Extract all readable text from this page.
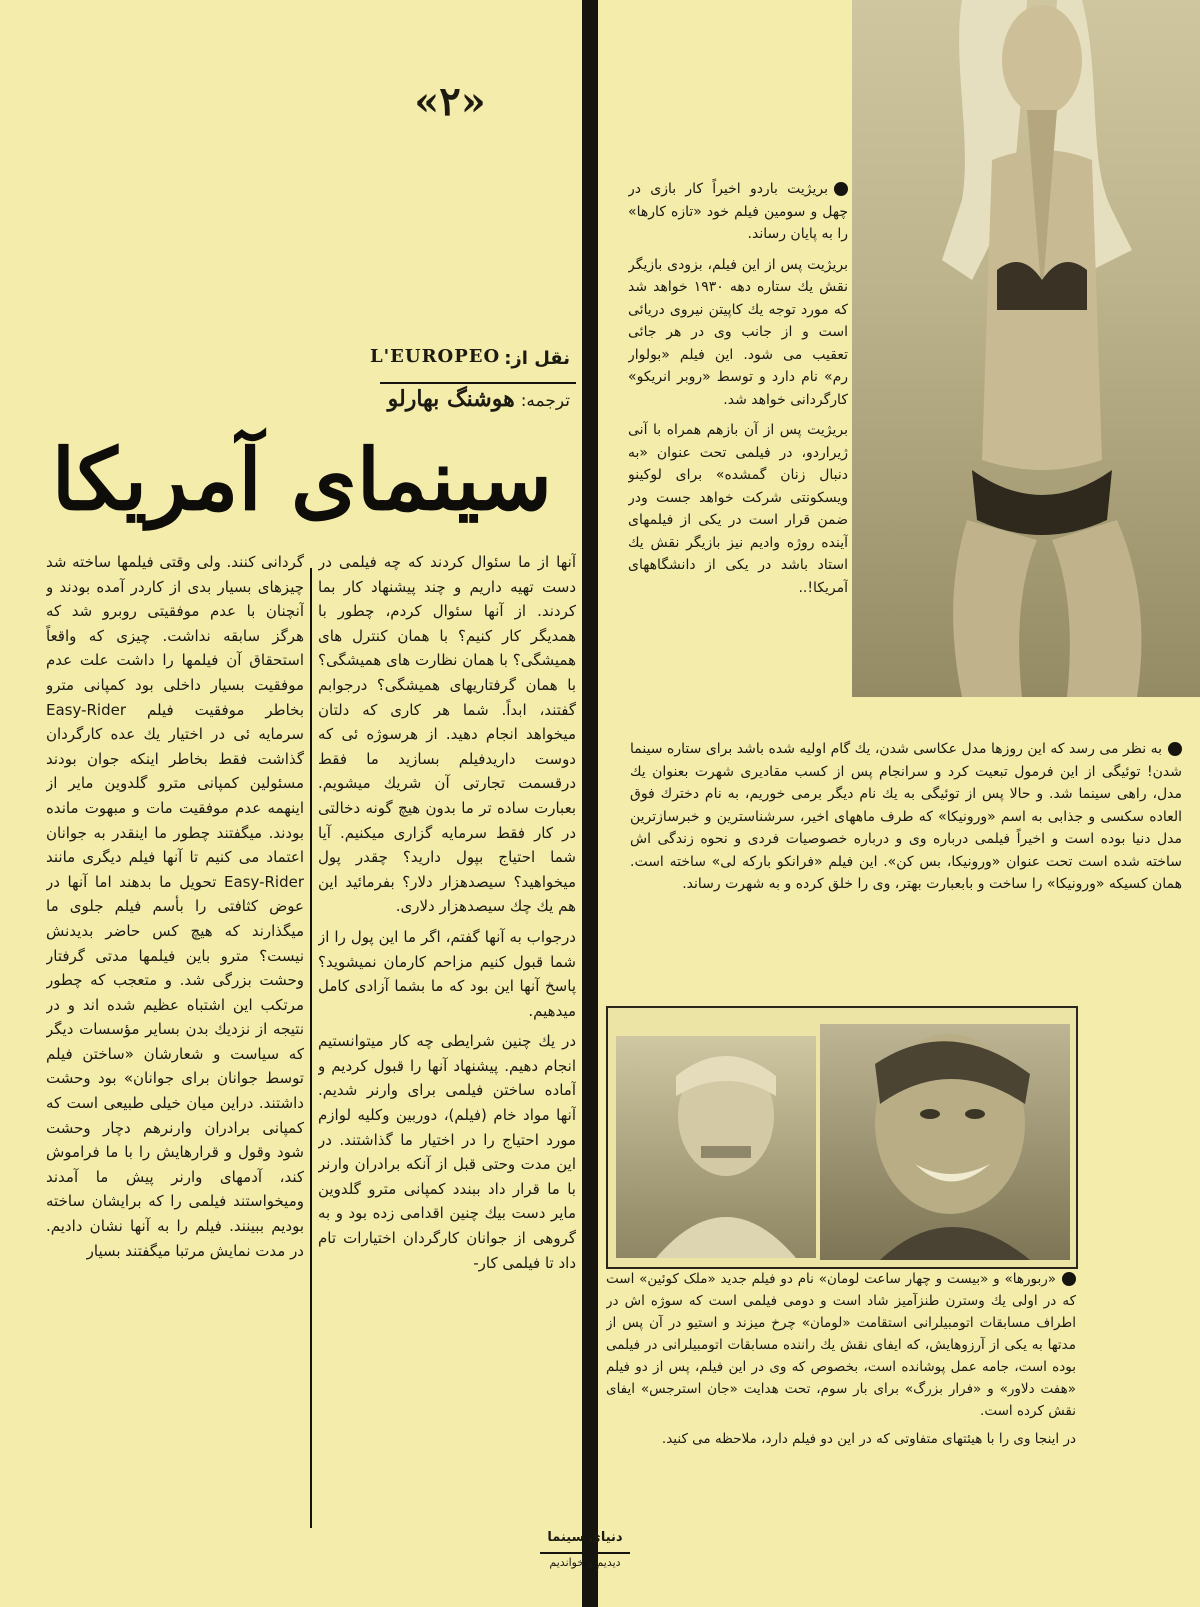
«۲»
نقل از:
L'EUROPEO
ترجمه:هوشنگ بهارلو
سینمای آمریکا

آنها از ما سئوال کردند که چه فیلمی در دست تهیه داریم و چند پیشنهاد کار بما کردند. از آنها سئوال کردم، چطور با همدیگر کار کنیم؟ با همان کنترل های همیشگی؟ با همان نظارت های همیشگی؟ با همان گرفتاریهای همیشگی؟ درجوابم گفتند، ابداً. شما هر کاری که دلتان میخواهد انجام دهید. از هرسوژه ئی که دوست داریدفیلم بسازید ما فقط درقسمت تجارتی آن شریك میشویم. بعبارت ساده تر ما بدون هیچ گونه دخالتی در کار فقط سرمایه گزاری میکنیم. آیا شما احتیاج بپول دارید؟ چقدر پول میخواهید؟ سیصدهزار دلار؟ بفرمائید این هم یك چك سیصدهزار دلاری.

درجواب به آنها گفتم، اگر ما این پول را از شما قبول کنیم مزاحم کارمان نمیشوید؟ پاسخ آنها این بود که ما بشما آزادی کامل میدهیم.

در یك چنین شرایطی چه کار میتوانستیم انجام دهیم. پیشنهاد آنها را قبول کردیم و آماده ساختن فیلمی برای وارنر شدیم. آنها مواد خام (فیلم)، دوربین وکلیه لوازم مورد احتیاج را در اختیار ما گذاشتند. در این مدت وحتی قبل از آنکه برادران وارنر با ما قرار داد ببندد کمپانی مترو گلدوین مایر دست بیك چنین اقدامی زده بود و به گروهی از جوانان کارگردان اختیارات تام داد تا فیلمی کار-

گردانی کنند. ولی وقتی فیلمها ساخته شد چیزهای بسیار بدی از کاردر آمده بودند و آنچنان با عدم موفقیتی روبرو شد که هرگز سابقه نداشت. چیزی که واقعاً استحقاق آن فیلمها را داشت علت عدم موفقیت بسیار داخلی بود کمپانی مترو بخاطر موفقیت فیلم Easy-Rider سرمایه ئی در اختیار یك عده کارگردان گذاشت فقط بخاطر اینکه جوان بودند مسئولین کمپانی مترو گلدوین مایر از اینهمه عدم موفقیت مات و مبهوت مانده بودند. میگفتند چطور ما اینقدر به جوانان اعتماد می کنیم تا آنها فیلم دیگری مانند Easy-Rider تحویل ما بدهند اما آنها در عوض کثافتی را بأسم فیلم جلوی ما میگذارند که هیچ کس حاضر بدیدنش نیست؟ مترو باین فیلمها مدتی گرفتار وحشت بزرگی شد. و متعجب که چطور مرتکب این اشتباه عظیم شده اند و در نتیجه از نزدیك بدن بسایر مؤسسات دیگر که سیاست و شعارشان «ساختن فیلم توسط جوانان برای جوانان» بود وحشت داشتند. دراین میان خیلی طبیعی است که کمپانی برادران وارنرهم دچار وحشت شود وقول و قرارهایش را با ما فراموش کند، آدمهای وارنر پیش ما آمدند ومیخواستند فیلمی را که برایشان ساخته بودیم ببینند. فیلم را به آنها نشان دادیم. در مدت نمایش مرتبا میگفتند بسیار

بریژیت باردو اخیراً کار بازی در چهل و سومین فیلم خود «تازه کارها» را به پایان رساند.

بریژیت پس از این فیلم، بزودی بازیگر نقش یك ستاره دهه ۱۹۳۰ خواهد شد که مورد توجه یك کاپیتن نیروی دریائی است و از جانب وی در هر جائی تعقیب می شود. این فیلم «بولوار رم» نام دارد و توسط «روبر انریکو» کارگردانی خواهد شد.

بریژیت پس از آن بازهم همراه با آنی ژیراردو، در فیلمی تحت عنوان «به دنبال زنان گمشده» برای لوکینو ویسکونتی شرکت خواهد جست ودر ضمن قرار است در یکی از فیلمهای آینده روژه وادیم نیز بازیگر نقش یك استاد باشد در یکی از دانشگاههای آمریکا!..

به نظر می رسد که این روزها مدل عکاسی شدن، یك گام اولیه شده باشد برای ستاره سینما شدن! توئیگی از این فرمول تبعیت کرد و سرانجام پس از کسب مقادیری شهرت بعنوان یك مدل، راهی سینما شد. و حالا پس از توئیگی به یك نام دیگر برمی خوریم، به نام دخترك فوق العاده سکسی و جذابی به اسم «ورونیکا» که طرف ماههای اخیر، سرشناسترین و خبرسازترین مدل دنیا بوده است و اخیراً فیلمی درباره وی و درباره خصوصیات فردی و نحوه زندگی اش ساخته شده است تحت عنوان «ورونیکا، بس کن». این فیلم «فرانکو بارکه لی» ساخته است. همان کسیکه «ورونیکا» را ساخت و بابعبارت بهتر، وی را خلق کرده و به شهرت رساند.

«ربورها» و «بیست و چهار ساعت لومان» نام دو فیلم جدید «ملک کوئین» است که در اولی یك وسترن طنزآمیز شاد است و دومی فیلمی است که سوژه اش در اطراف مسابقات اتومبیلرانی استقامت «لومان» چرخ میزند و استیو در آن پس از مدتها به یکی از آرزوهایش، که ایفای نقش یك راننده مسابقات اتومبیلرانی در فیلمی بوده است، جامه عمل پوشانده است، بخصوص که وی در این فیلم، پس از دو فیلم «هفت دلاور» و «فرار بزرگ» برای بار سوم، تحت هدایت «جان استرجس» ایفای نقش کرده است.

در اینجا وی را با هیئتهای متفاوتی که در این دو فیلم دارد، ملاحظه می کنید.

دنیای سینما
دیدیم و خواندیم
